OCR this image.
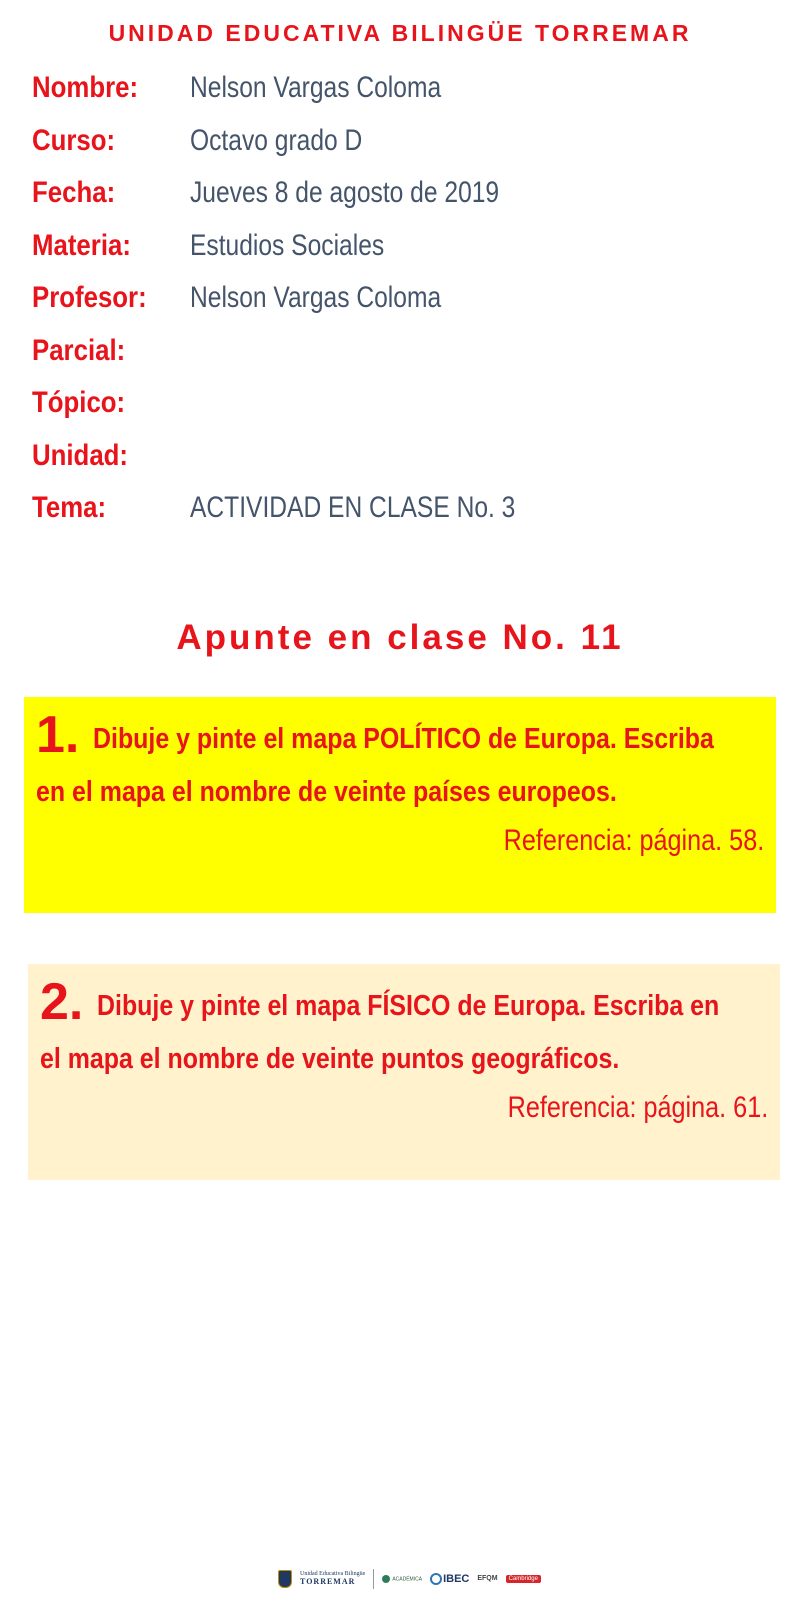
UNIDAD EDUCATIVA BILINGÜE TORREMAR
Nombre:	Nelson Vargas Coloma
Curso:	Octavo grado D
Fecha:	Jueves 8 de agosto de 2019
Materia:	Estudios Sociales
Profesor:	Nelson Vargas Coloma
Parcial:
Tópico:
Unidad:
Tema:	ACTIVIDAD EN CLASE No. 3
Apunte en clase No. 11
1. Dibuje y pinte el mapa POLÍTICO de Europa. Escriba
en el mapa el nombre de veinte países europeos.
Referencia: página. 58.
2. Dibuje y pinte el mapa FÍSICO de Europa. Escriba en
el mapa el nombre de veinte puntos geográficos.
Referencia: página. 61.
Unidad Educativa Bilingüe
TORREMAR	ACADÉMICA	IBEC EFQM	Cambridge
